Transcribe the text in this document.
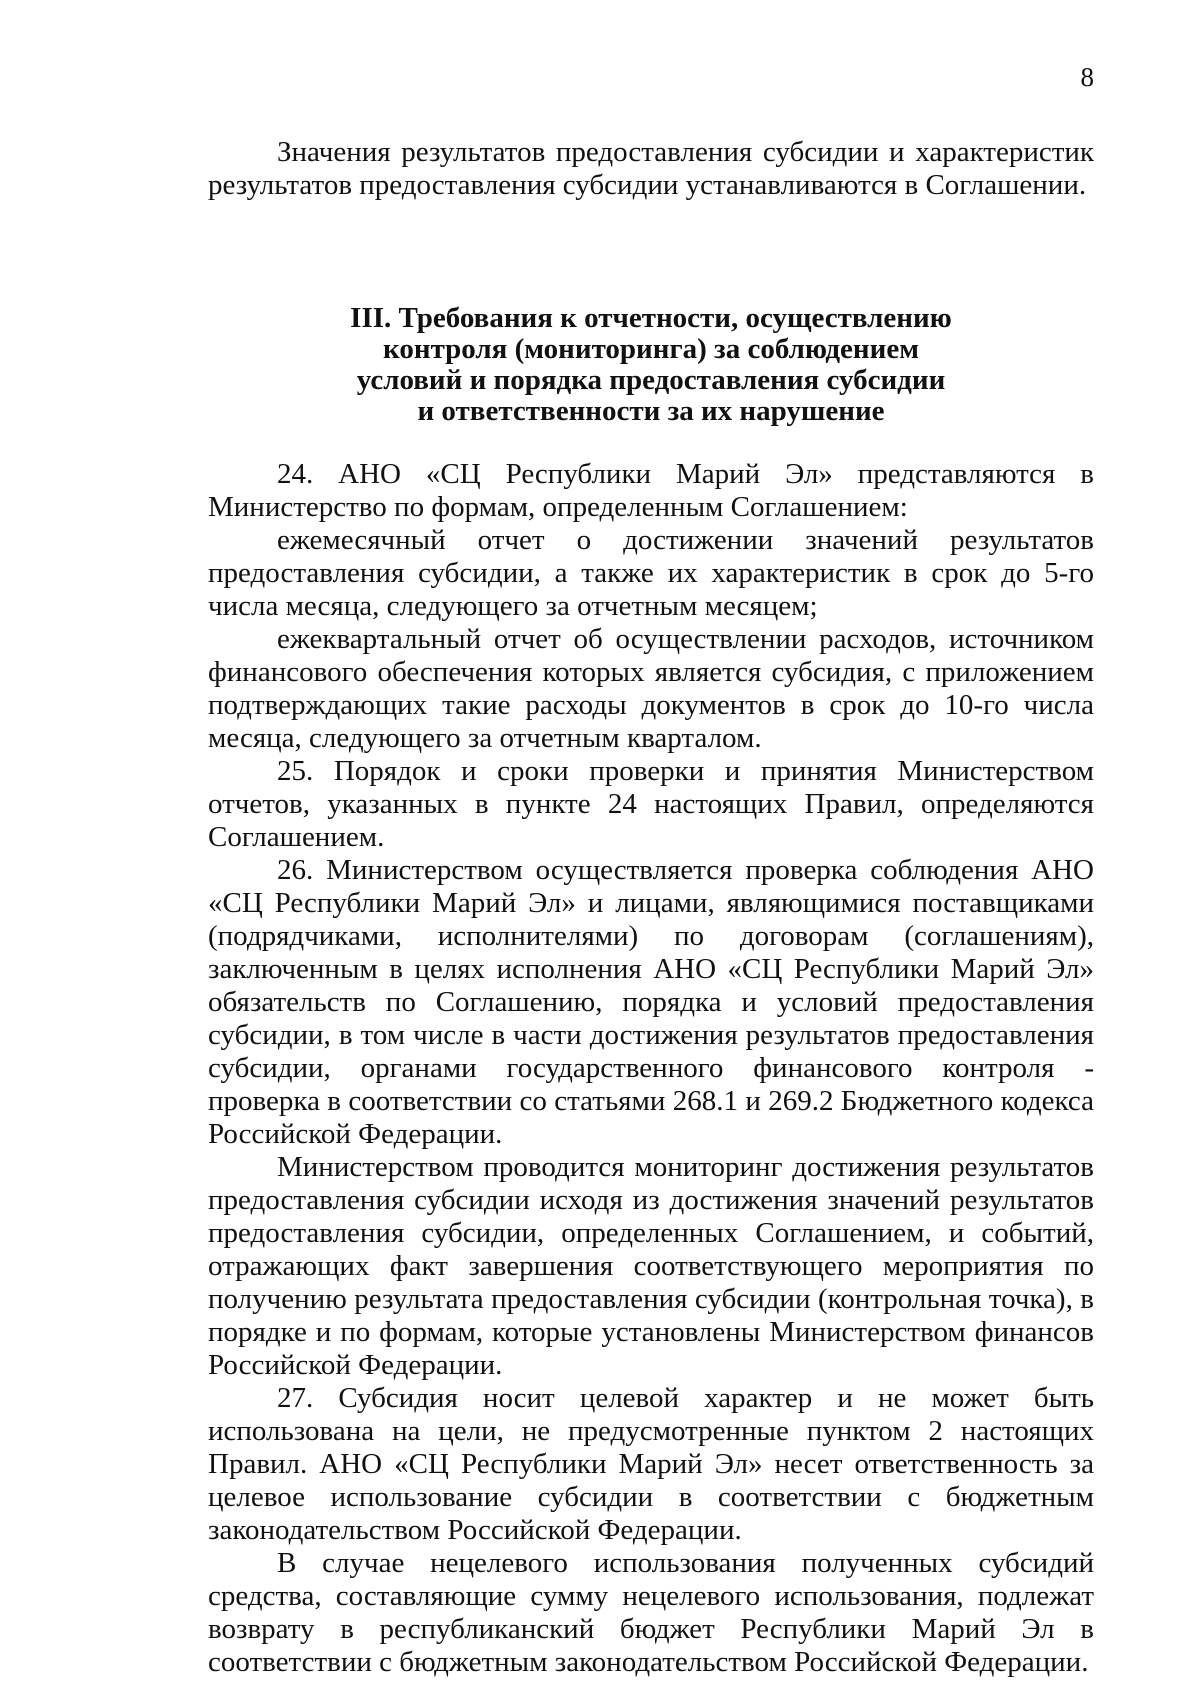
8

Значения результатов предоставления субсидии и характеристик результатов предоставления субсидии устанавливаются в Соглашении.

III. Требования к отчетности, осуществлению
контроля (мониторинга) за соблюдением
условий и порядка предоставления субсидии
и ответственности за их нарушение

24. АНО «СЦ Республики Марий Эл» представляются в Министерство по формам, определенным Соглашением:

ежемесячный отчет о достижении значений результатов предоставления субсидии, а также их характеристик в срок до 5-го числа месяца, следующего за отчетным месяцем;

ежеквартальный отчет об осуществлении расходов, источником финансового обеспечения которых является субсидия, с приложением подтверждающих такие расходы документов в срок до 10-го числа месяца, следующего за отчетным кварталом.

25. Порядок и сроки проверки и принятия Министерством отчетов, указанных в пункте 24 настоящих Правил, определяются Соглашением.

26. Министерством осуществляется проверка соблюдения АНО «СЦ Республики Марий Эл» и лицами, являющимися поставщиками (подрядчиками, исполнителями) по договорам (соглашениям), заключенным в целях исполнения АНО «СЦ Республики Марий Эл» обязательств по Соглашению, порядка и условий предоставления субсидии, в том числе в части достижения результатов предоставления субсидии, органами государственного финансового контроля - проверка в соответствии со статьями 268.1 и 269.2 Бюджетного кодекса Российской Федерации.

Министерством проводится мониторинг достижения результатов предоставления субсидии исходя из достижения значений результатов предоставления субсидии, определенных Соглашением, и событий, отражающих факт завершения соответствующего мероприятия по получению результата предоставления субсидии (контрольная точка), в порядке и по формам, которые установлены Министерством финансов Российской Федерации.

27. Субсидия носит целевой характер и не может быть использована на цели, не предусмотренные пунктом 2 настоящих Правил. АНО «СЦ Республики Марий Эл» несет ответственность за целевое использование субсидии в соответствии с бюджетным законодательством Российской Федерации.

В случае нецелевого использования полученных субсидий средства, составляющие сумму нецелевого использования, подлежат возврату в республиканский бюджет Республики Марий Эл в соответствии с бюджетным законодательством Российской Федерации.
